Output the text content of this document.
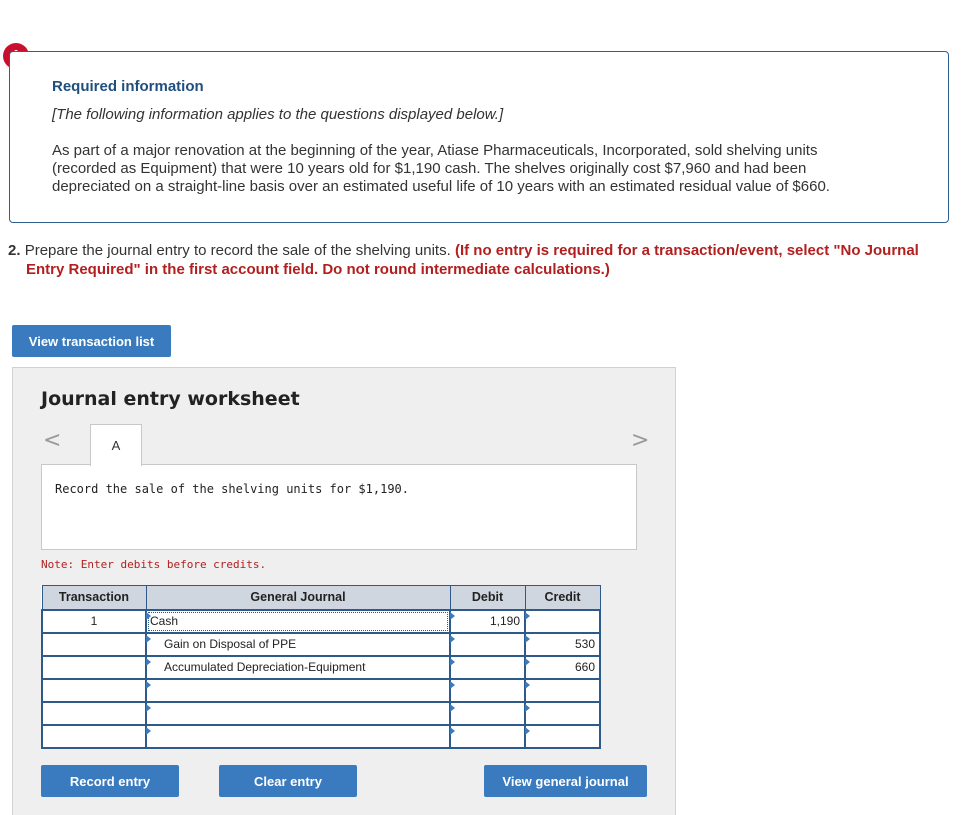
Required information
[The following information applies to the questions displayed below.]
As part of a major renovation at the beginning of the year, Atiase Pharmaceuticals, Incorporated, sold shelving units (recorded as Equipment) that were 10 years old for $1,190 cash. The shelves originally cost $7,960 and had been depreciated on a straight-line basis over an estimated useful life of 10 years with an estimated residual value of $660.
2. Prepare the journal entry to record the sale of the shelving units. (If no entry is required for a transaction/event, select "No Journal
Entry Required" in the first account field. Do not round intermediate calculations.)
View transaction list
Journal entry worksheet
<	A	>
Record the sale of the shelving units for $1,190.
Note: Enter debits before credits.
Transaction	General Journal	Debit	Credit
1	Cash	1,190	

	Gain on Disposal of PPE		530

	Accumulated Depreciation-Equipment		660

Record entry	Clear entry	View general journal
